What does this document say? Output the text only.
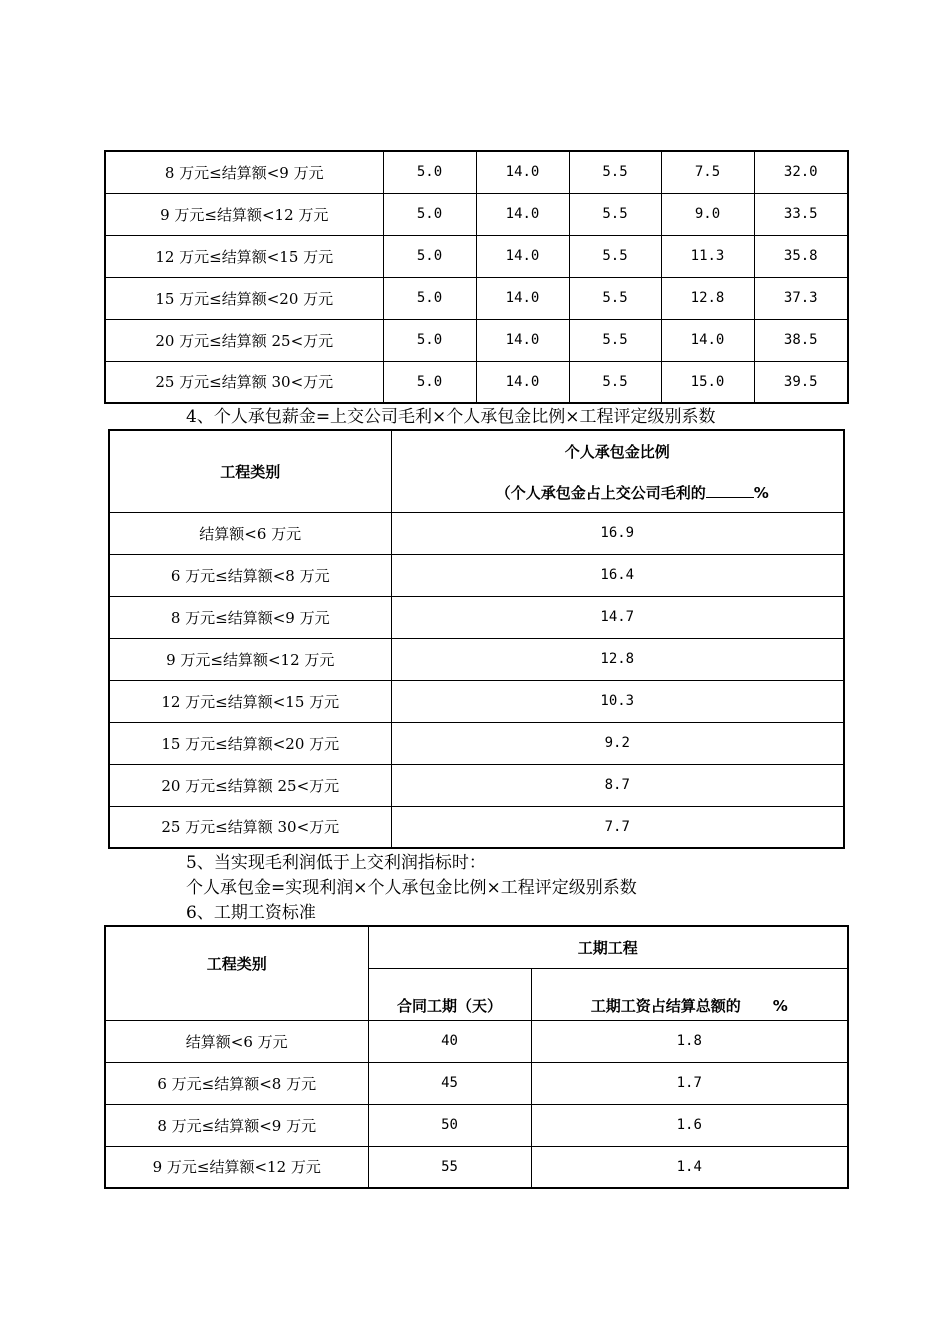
8 万元≤结算额<9 万元	5.0	14.0	5.5	7.5	32.0
9 万元≤结算额<12 万元	5.0	14.0	5.5	9.0	33.5
12 万元≤结算额<15 万元	5.0	14.0	5.5	11.3	35.8
15 万元≤结算额<20 万元	5.0	14.0	5.5	12.8	37.3
20 万元≤结算额 25<万元	5.0	14.0	5.5	14.0	38.5
25 万元≤结算额 30<万元	5.0	14.0	5.5	15.0	39.5
4、个人承包薪金=上交公司毛利×个人承包金比例×工程评定级别系数
工程类别	个人承包金比例
（个人承包金占上交公司毛利的 %

结算额<6 万元	16.9
6 万元≤结算额<8 万元	16.4
8 万元≤结算额<9 万元	14.7
9 万元≤结算额<12 万元	12.8
12 万元≤结算额<15 万元	10.3
15 万元≤结算额<20 万元	9.2
20 万元≤结算额 25<万元	8.7
25 万元≤结算额 30<万元	7.7
5、当实现毛利润低于上交利润指标时：
个人承包金=实现利润×个人承包金比例×工程评定级别系数
6、工期工资标准
工程类别	工期工程	
	合同工期（天）	工期工资占结算总额的 %
结算额<6 万元	40	1.8
6 万元≤结算额<8 万元	45	1.7
8 万元≤结算额<9 万元	50	1.6
9 万元≤结算额<12 万元	55	1.4
